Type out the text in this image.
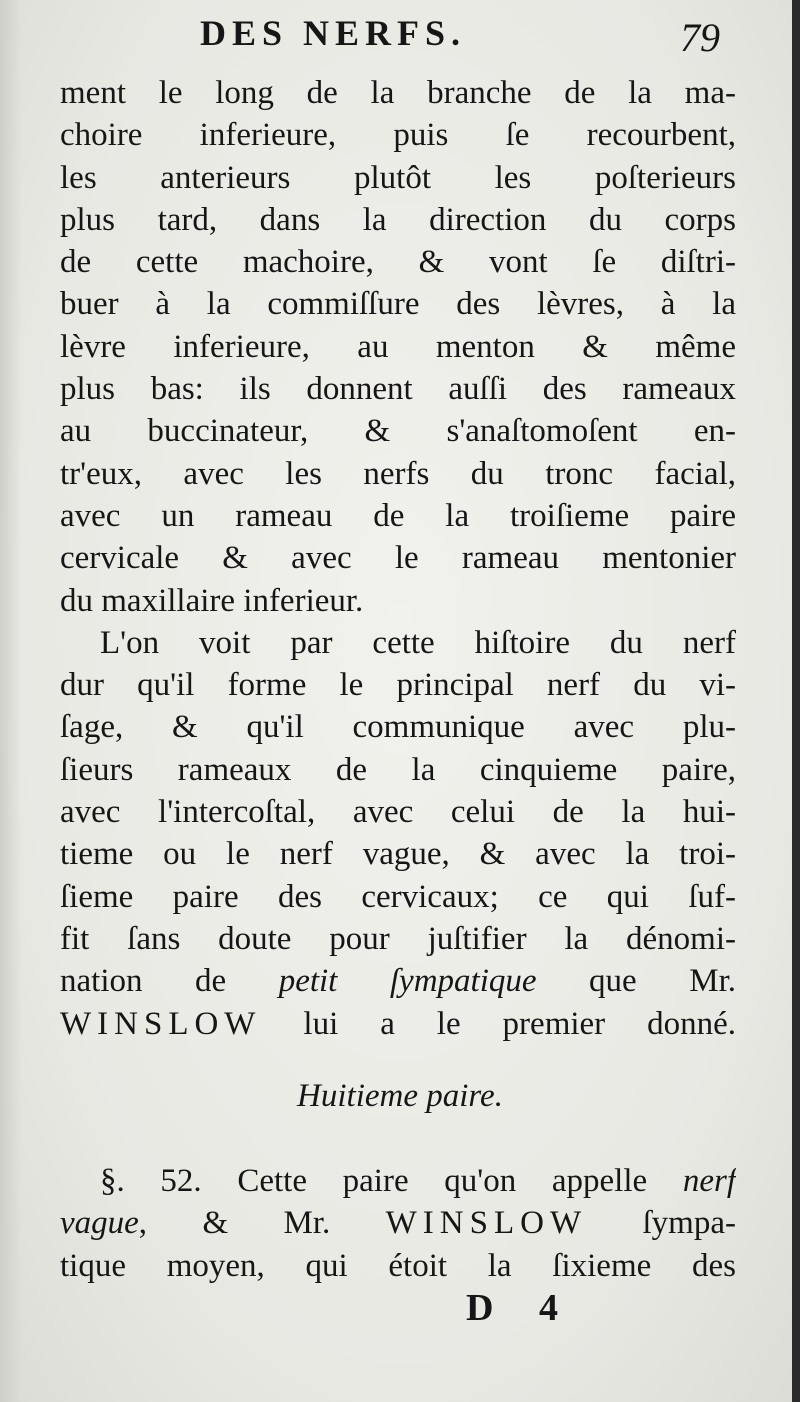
DES NERFS.	79
ment le long de la branche de la ma-
choire inferieure, puis ſe recourbent,
les anterieurs plutôt les poſterieurs
plus tard, dans la direction du corps
de cette machoire, & vont ſe diſtri-
buer à la commiſſure des lèvres, à la
lèvre inferieure, au menton & même
plus bas: ils donnent auſſi des rameaux
au buccinateur, & s'anaſtomoſent en-
tr'eux, avec les nerfs du tronc facial,
avec un rameau de la troiſieme paire
cervicale & avec le rameau mentonier
du maxillaire inferieur.
L'on voit par cette hiſtoire du nerf
dur qu'il forme le principal nerf du vi-
ſage, & qu'il communique avec plu-
ſieurs rameaux de la cinquieme paire,
avec l'intercoſtal, avec celui de la hui-
tieme ou le nerf vague, & avec la troi-
ſieme paire des cervicaux; ce qui ſuf-
fit ſans doute pour juſtifier la dénomi-
nation de petit ſympatique que Mr.
WINSLOW lui a le premier donné.
Huitieme paire.
§. 52. Cette paire qu'on appelle nerf
vague, & Mr. WINSLOW ſympa-
tique moyen, qui étoit la ſixieme des
D 4
